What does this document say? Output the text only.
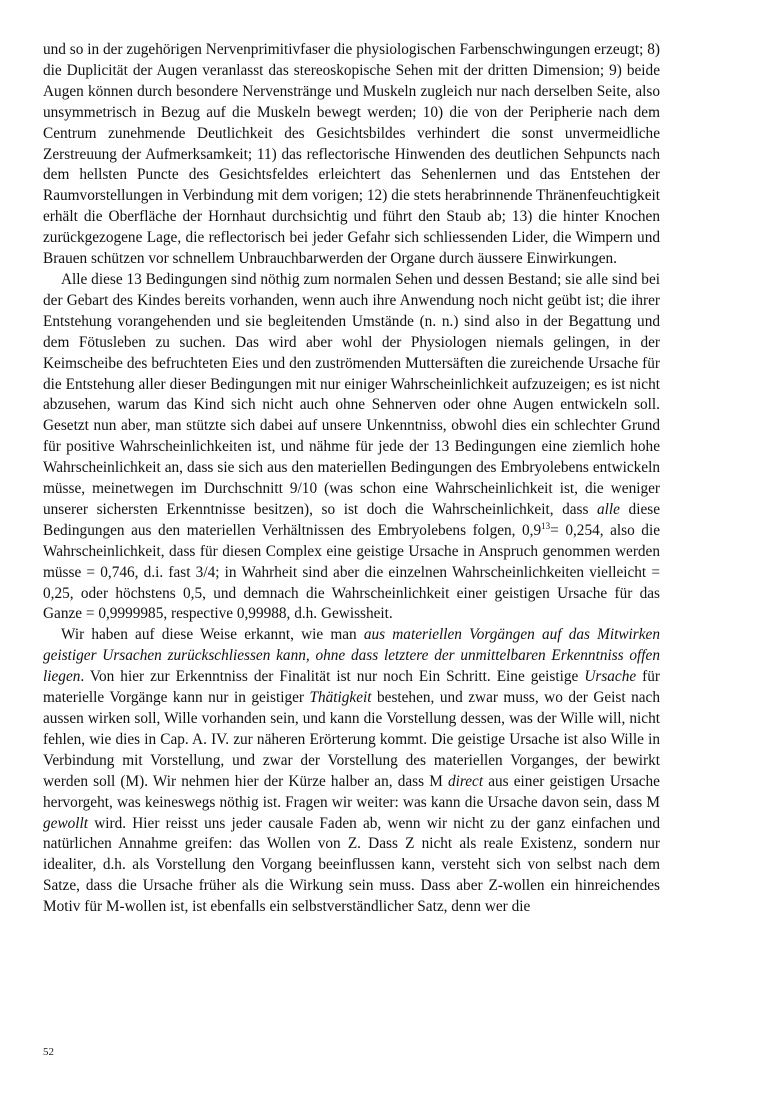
und so in der zugehörigen Nervenprimitivfaser die physiologischen Farbenschwingungen erzeugt; 8) die Duplicität der Augen veranlasst das stereoskopische Sehen mit der dritten Dimension; 9) beide Augen können durch besondere Nervenstränge und Muskeln zugleich nur nach derselben Seite, also unsymmetrisch in Bezug auf die Muskeln bewegt werden; 10) die von der Peripherie nach dem Centrum zunehmende Deutlichkeit des Gesichtsbildes verhindert die sonst unvermeidliche Zerstreuung der Aufmerksamkeit; 11) das reflectorische Hinwenden des deutlichen Sehpuncts nach dem hellsten Puncte des Gesichtsfeldes erleichtert das Sehenlernen und das Entstehen der Raumvorstellungen in Verbindung mit dem vorigen; 12) die stets herabrinnende Thränenfeuchtigkeit erhält die Oberfläche der Hornhaut durchsichtig und führt den Staub ab; 13) die hinter Knochen zurückgezogene Lage, die reflectorisch bei jeder Gefahr sich schliessenden Lider, die Wimpern und Brauen schützen vor schnellem Unbrauchbarwerden der Organe durch äussere Einwirkungen.

Alle diese 13 Bedingungen sind nöthig zum normalen Sehen und dessen Bestand; sie alle sind bei der Gebart des Kindes bereits vorhanden, wenn auch ihre Anwendung noch nicht geübt ist; die ihrer Entstehung vorangehenden und sie begleitenden Umstände (n. n.) sind also in der Begattung und dem Fötusleben zu suchen. Das wird aber wohl der Physiologen niemals gelingen, in der Keimscheibe des befruchteten Eies und den zuströmenden Muttersäften die zureichende Ursache für die Entstehung aller dieser Bedingungen mit nur einiger Wahrscheinlichkeit aufzuzeigen; es ist nicht abzusehen, warum das Kind sich nicht auch ohne Sehnerven oder ohne Augen entwickeln soll. Gesetzt nun aber, man stützte sich dabei auf unsere Unkenntniss, obwohl dies ein schlechter Grund für positive Wahrscheinlichkeiten ist, und nähme für jede der 13 Bedingungen eine ziemlich hohe Wahrscheinlichkeit an, dass sie sich aus den materiellen Bedingungen des Embryolebens entwickeln müsse, meinetwegen im Durchschnitt 9/10 (was schon eine Wahrscheinlichkeit ist, die weniger unserer sichersten Erkenntnisse besitzen), so ist doch die Wahrscheinlichkeit, dass alle diese Bedingungen aus den materiellen Verhältnissen des Embryolebens folgen, $0,9^{13}= 0,254$, also die Wahrscheinlichkeit, dass für diesen Complex eine geistige Ursache in Anspruch genommen werden müsse = 0,746, d.i. fast 3/4; in Wahrheit sind aber die einzelnen Wahrscheinlichkeiten vielleicht = 0,25, oder höchstens 0,5, und demnach die Wahrscheinlichkeit einer geistigen Ursache für das Ganze = 0,9999985, respective 0,99988, d.h. Gewissheit.

Wir haben auf diese Weise erkannt, wie man aus materiellen Vorgängen auf das Mitwirken geistiger Ursachen zurückschliessen kann, ohne dass letztere der unmittelbaren Erkenntniss offen liegen. Von hier zur Erkenntniss der Finalität ist nur noch Ein Schritt. Eine geistige Ursache für materielle Vorgänge kann nur in geistiger Thätigkeit bestehen, und zwar muss, wo der Geist nach aussen wirken soll, Wille vorhanden sein, und kann die Vorstellung dessen, was der Wille will, nicht fehlen, wie dies in Cap. A. IV. zur näheren Erörterung kommt. Die geistige Ursache ist also Wille in Verbindung mit Vorstellung, und zwar der Vorstellung des materiellen Vorganges, der bewirkt werden soll (M). Wir nehmen hier der Kürze halber an, dass M direct aus einer geistigen Ursache hervorgeht, was keineswegs nöthig ist. Fragen wir weiter: was kann die Ursache davon sein, dass M gewollt wird. Hier reisst uns jeder causale Faden ab, wenn wir nicht zu der ganz einfachen und natürlichen Annahme greifen: das Wollen von Z. Dass Z nicht als reale Existenz, sondern nur idealiter, d.h. als Vorstellung den Vorgang beeinflussen kann, versteht sich von selbst nach dem Satze, dass die Ursache früher als die Wirkung sein muss. Dass aber Z-wollen ein hinreichendes Motiv für M-wollen ist, ist ebenfalls ein selbstverständlicher Satz, denn wer die

52
